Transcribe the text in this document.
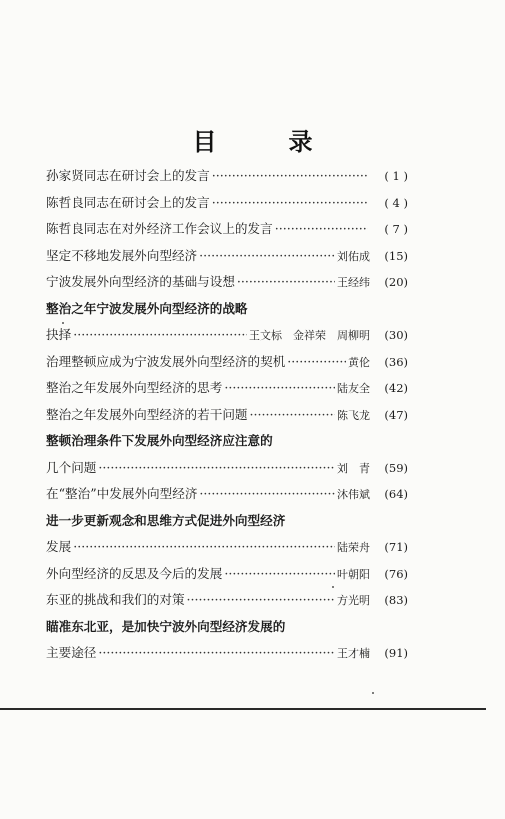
目	录
孙家贤同志在研讨会上的发言 ·····	( 1 )
陈哲良同志在研讨会上的发言 ·····	( 4 )
陈哲良同志在对外经济工作会议上的发言 ·····	( 7 )
坚定不移地发展外向型经济 ·····	刘佑成	(15)
宁波发展外向型经济的基础与设想 ·····	王经纬	(20)
整治之年宁波发展外向型经济的战略
抉择 ·····	王文标　金祥荣　周柳明	(30)
治理整顿应成为宁波发展外向型经济的契机 ·····	黄伦	(36)
整治之年发展外向型经济的思考 ·····	陆友全	(42)
整治之年发展外向型经济的若干问题 ·····	陈飞龙	(47)
整顿治理条件下发展外向型经济应注意的
几个问题 ·····	刘　青	(59)
在“整治”中发展外向型经济 ·····	沐伟斌	(64)
进一步更新观念和思维方式促进外向型经济
发展 ·····	陆荣舟	(71)
外向型经济的反思及今后的发展 ·····	叶朝阳	(76)
东亚的挑战和我们的对策 ·····	方光明	(83)
瞄准东北亚，是加快宁波外向型经济发展的
主要途径 ·····	王才楠	(91)
